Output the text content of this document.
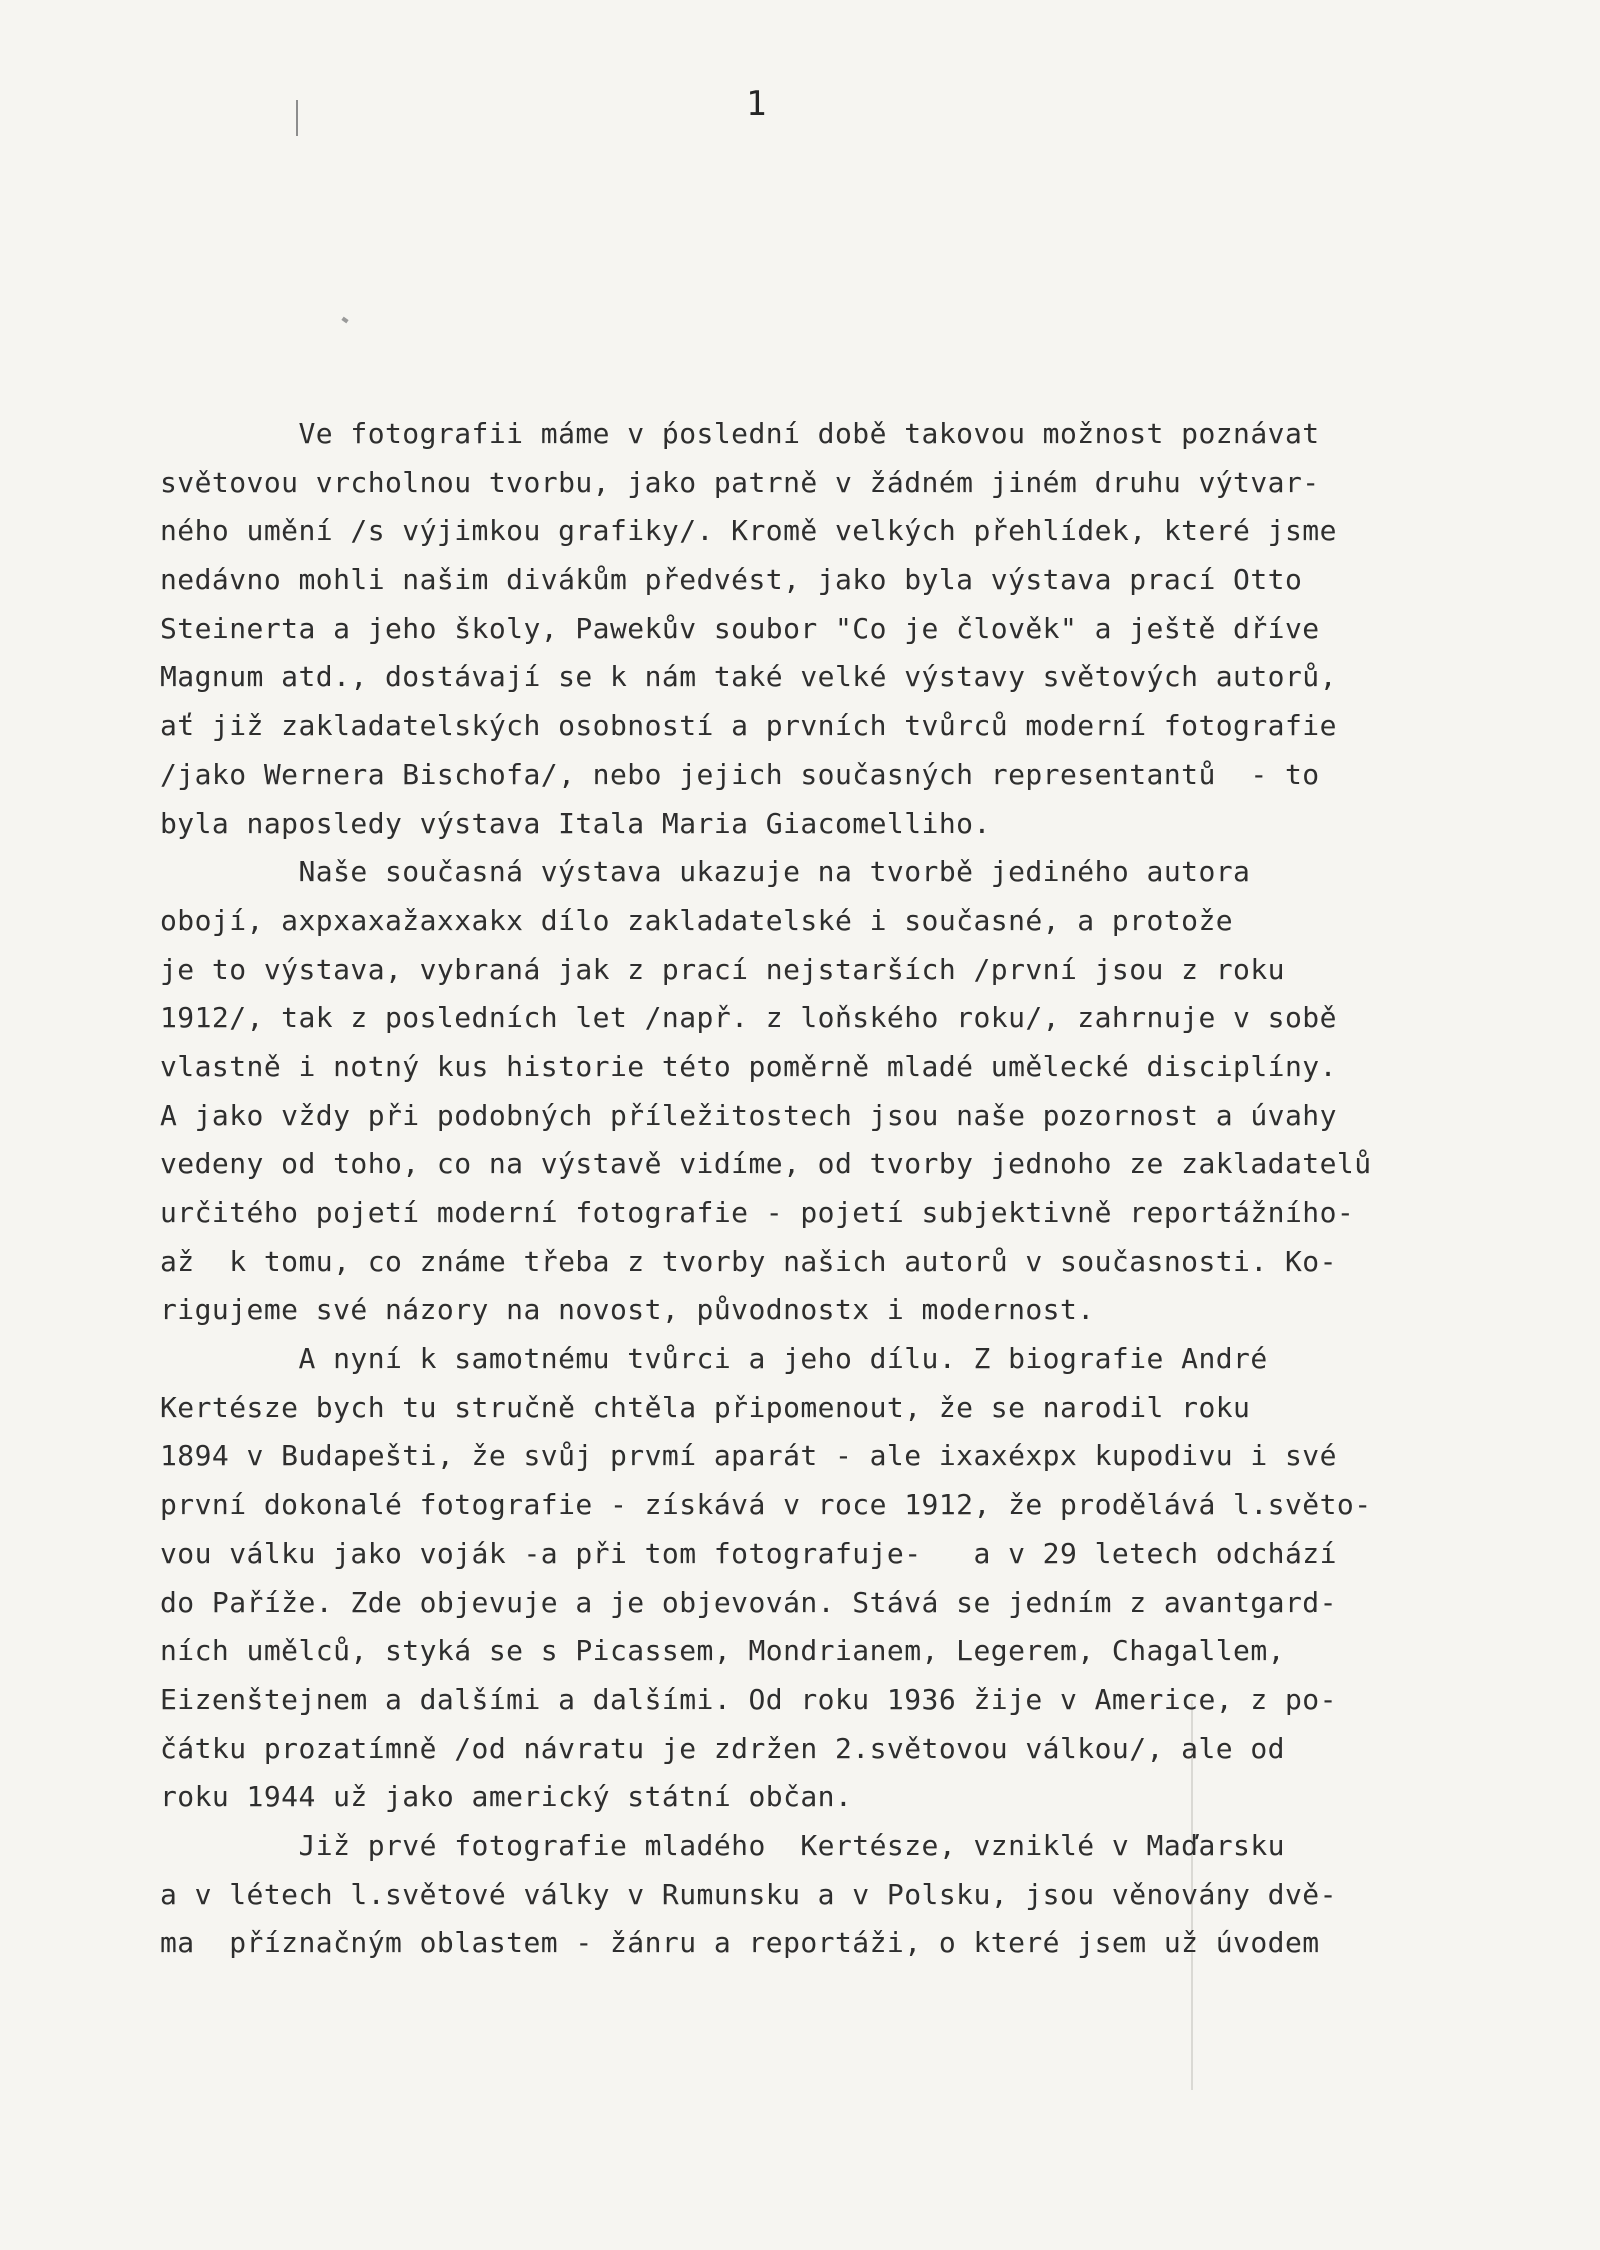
1
Ve fotografii máme v ṕoslední době takovou možnost poznávat
světovou vrcholnou tvorbu, jako patrně v žádném jiném druhu výtvar-
ného umění /s výjimkou grafiky/. Kromě velkých přehlídek, které jsme
nedávno mohli našim divákům předvést, jako byla výstava prací Otto
Steinerta a jeho školy, Pawekův soubor "Co je člověk" a ještě dříve
Magnum atd., dostávají se k nám také velké výstavy světových autorů,
ať již zakladatelských osobností a prvních tvůrců moderní fotografie
/jako Wernera Bischofa/, nebo jejich současných representantů  - to
byla naposledy výstava Itala Maria Giacomelliho.
Naše současná výstava ukazuje na tvorbě jediného autora
obojí, axpxaxažaxxakx dílo zakladatelské i současné, a protože
je to výstava, vybraná jak z prací nejstarších /první jsou z roku
1912/, tak z posledních let /např. z loňského roku/, zahrnuje v sobě
vlastně i notný kus historie této poměrně mladé umělecké disciplíny.
A jako vždy při podobných příležitostech jsou naše pozornost a úvahy
vedeny od toho, co na výstavě vidíme, od tvorby jednoho ze zakladatelů
určitého pojetí moderní fotografie - pojetí subjektivně reportážního-
až  k tomu, co známe třeba z tvorby našich autorů v současnosti. Ko-
rigujeme své názory na novost, původnostx i modernost.
A nyní k samotnému tvůrci a jeho dílu. Z biografie André
Kertésze bych tu stručně chtěla připomenout, že se narodil roku
1894 v Budapešti, že svůj prvmí aparát - ale ixaxéxpx kupodivu i své
první dokonalé fotografie - získává v roce 1912, že prodělává l.světo-
vou válku jako voják -a při tom fotografuje-   a v 29 letech odchází
do Paříže. Zde objevuje a je objevován. Stává se jedním z avantgard-
ních umělců, styká se s Picassem, Mondrianem, Legerem, Chagallem,
Eizenštejnem a dalšími a dalšími. Od roku 1936 žije v Americe, z po-
čátku prozatímně /od návratu je zdržen 2.světovou válkou/, ale od
roku 1944 už jako americký státní občan.
Již prvé fotografie mladého  Kertésze, vzniklé v Maďarsku
a v létech l.světové války v Rumunsku a v Polsku, jsou věnovány dvě-
ma  příznačným oblastem - žánru a reportáži, o které jsem už úvodem
